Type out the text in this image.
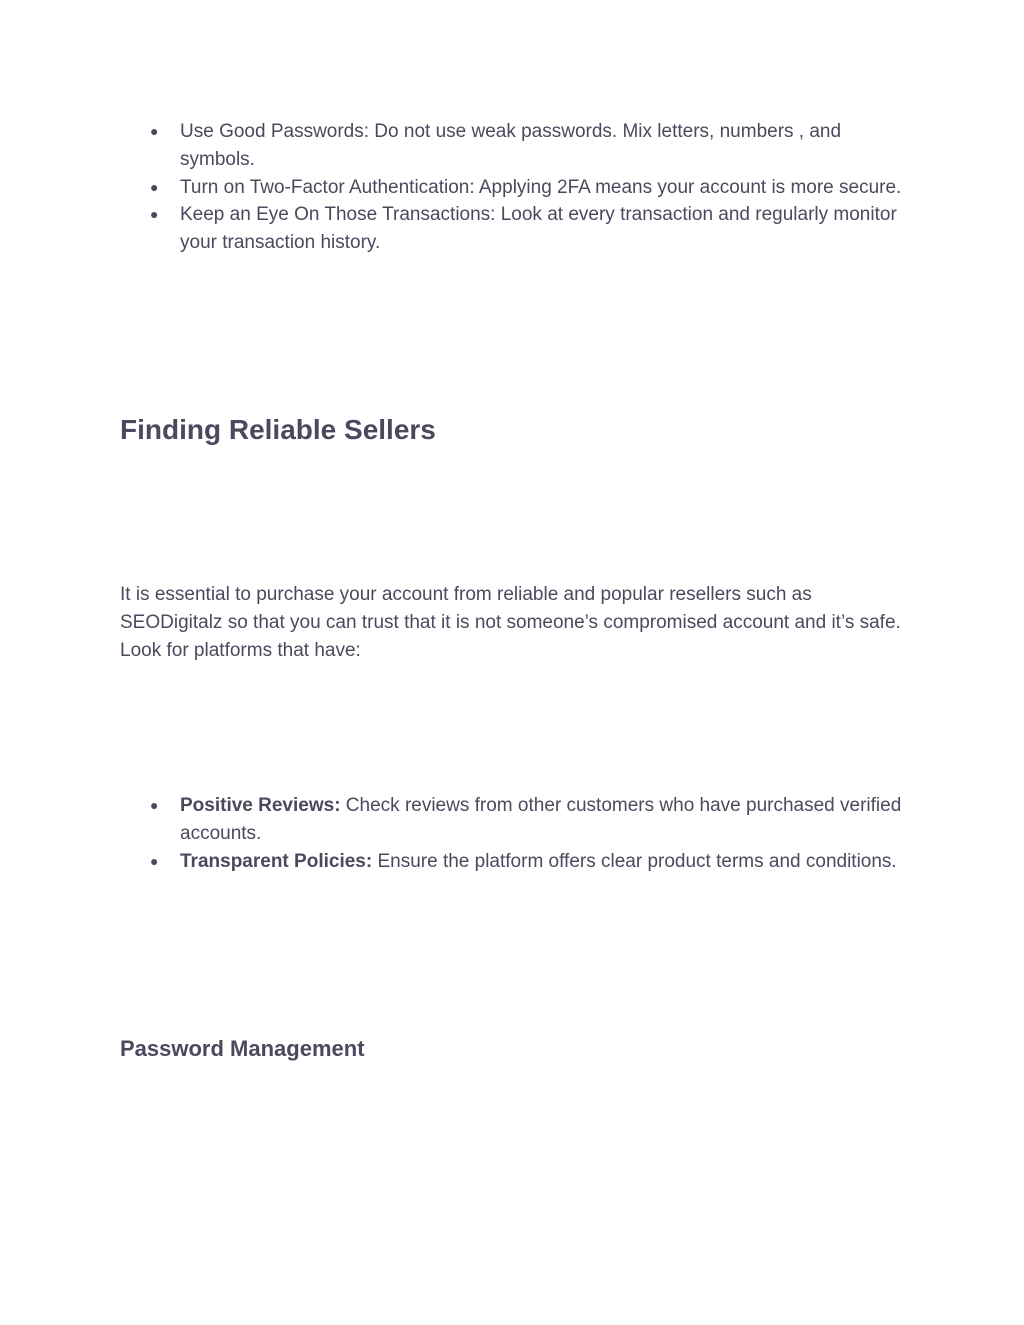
● Use Good Passwords: Do not use weak passwords. Mix letters, numbers , and symbols.
● Turn on Two-Factor Authentication: Applying 2FA means your account is more secure.
● Keep an Eye On Those Transactions: Look at every transaction and regularly monitor your transaction history.
Finding Reliable Sellers

It is essential to purchase your account from reliable and popular resellers such as SEODigitalz so that you can trust that it is not someone’s compromised account and it’s safe. Look for platforms that have:

● Positive Reviews: Check reviews from other customers who have purchased verified accounts.
● Transparent Policies: Ensure the platform offers clear product terms and conditions.
Password Management
